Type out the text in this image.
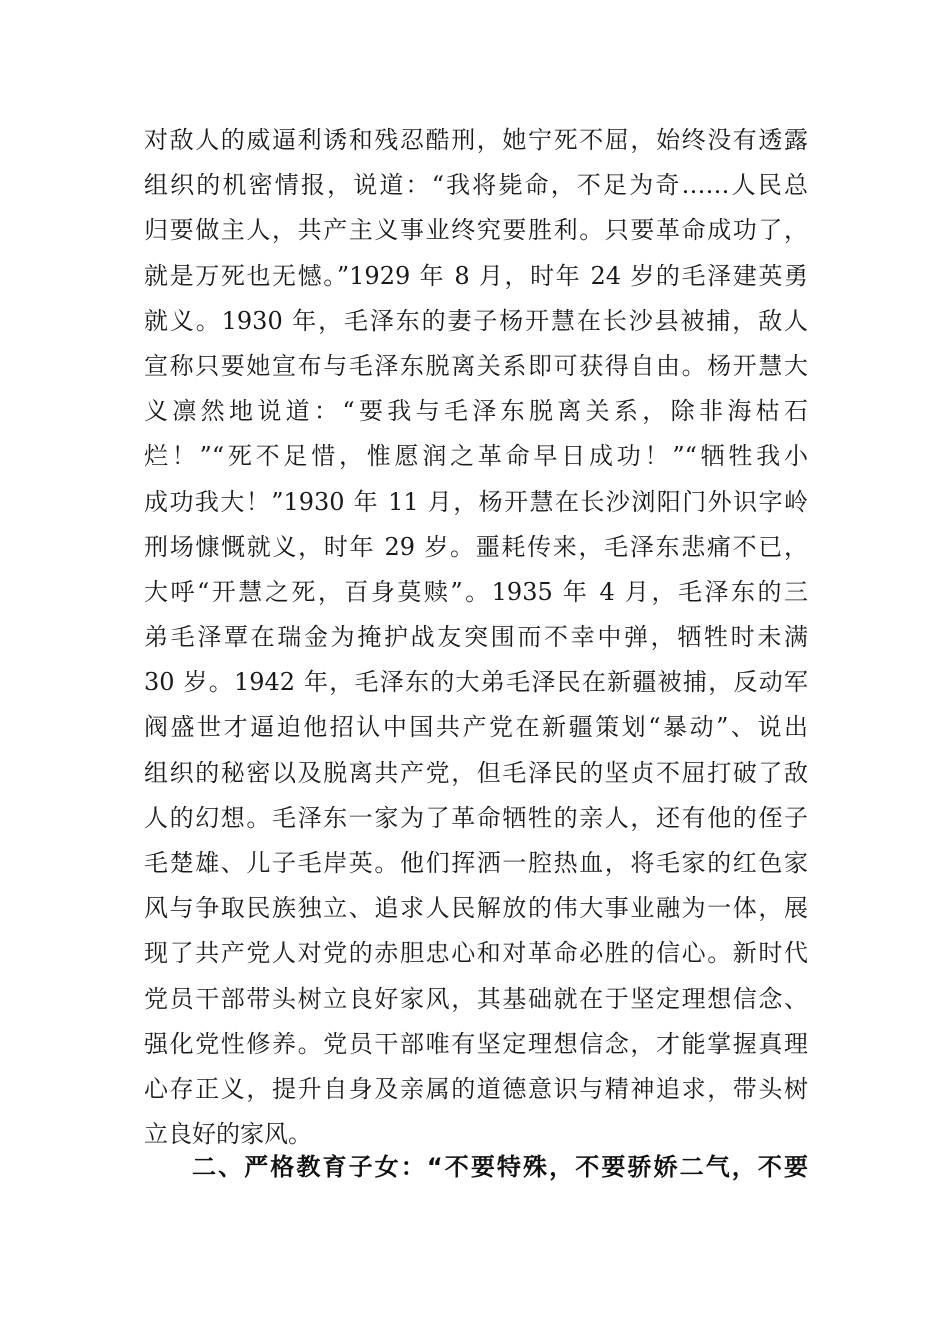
对敌人的威逼利诱和残忍酷刑，她宁死不屈，始终没有透露
组织的机密情报，说道：“我将毙命，不足为奇……人民总
归要做主人，共产主义事业终究要胜利。只要革命成功了，
就是万死也无憾。”1929 年 8 月，时年 24 岁的毛泽建英勇
就义。1930 年，毛泽东的妻子杨开慧在长沙县被捕，敌人
宣称只要她宣布与毛泽东脱离关系即可获得自由。杨开慧大
义凛然地说道：“要我与毛泽东脱离关系，除非海枯石
烂！”“死不足惜，惟愿润之革命早日成功！”“牺牲我小
成功我大！”1930 年 11 月，杨开慧在长沙浏阳门外识字岭
刑场慷慨就义，时年 29 岁。噩耗传来，毛泽东悲痛不已，
大呼“开慧之死，百身莫赎”。1935 年 4 月，毛泽东的三
弟毛泽覃在瑞金为掩护战友突围而不幸中弹，牺牲时未满
30 岁。1942 年，毛泽东的大弟毛泽民在新疆被捕，反动军
阀盛世才逼迫他招认中国共产党在新疆策划“暴动”、说出
组织的秘密以及脱离共产党，但毛泽民的坚贞不屈打破了敌
人的幻想。毛泽东一家为了革命牺牲的亲人，还有他的侄子
毛楚雄、儿子毛岸英。他们挥洒一腔热血，将毛家的红色家
风与争取民族独立、追求人民解放的伟大事业融为一体，展
现了共产党人对党的赤胆忠心和对革命必胜的信心。新时代
党员干部带头树立良好家风，其基础就在于坚定理想信念、
强化党性修养。党员干部唯有坚定理想信念，才能掌握真理
心存正义，提升自身及亲属的道德意识与精神追求，带头树
立良好的家风。
二、严格教育子女：“不要特殊，不要骄娇二气，不要
